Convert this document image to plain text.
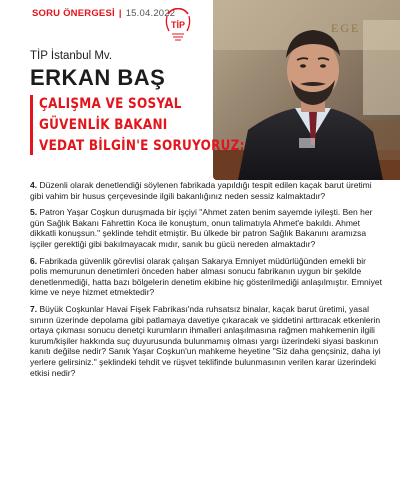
SORU ÖNERGESİ | 15.04.2022
TİP	EGE
TİP İstanbul Mv.
ERKAN BAŞ
ÇALIŞMA VE SOSYAL
GÜVENLİK BAKANI
VEDAT BİLGİN'E SORUYORUZ:

4. Düzenli olarak denetlendiği söylenen fabrikada yapıldığı tespit edilen kaçak barut üretimi gibi vahim bir husus çerçevesinde ilgili bakanlığınız neden sessiz kalmaktadır?

5. Patron Yaşar Coşkun duruşmada bir işçiyi "Ahmet zaten benim sayemde iyileşti. Ben her gün Sağlık Bakanı Fahrettin Koca ile konuştum, onun talimatıyla Ahmet'e bakıldı. Ahmet dikkatli konuşsun." şeklinde tehdit etmiştir. Bu ülkede bir patron Sağlık Bakanını aramızsa işçiler gerektiği gibi bakılmayacak mıdır, sanık bu gücü nereden almaktadır?

6. Fabrikada güvenlik görevlisi olarak çalışan Sakarya Emniyet müdürlüğünden emekli bir polis memurunun denetimleri önceden haber alması sonucu fabrikanın uygun bir şekilde denetlenmediği, hatta bazı bölgelerin denetim ekibine hiç gösterilmediği anlaşılmıştır. Emniyet kime ve neye hizmet etmektedir?

7. Büyük Coşkunlar Havai Fişek Fabrikası'nda ruhsatsız binalar, kaçak barut üretimi, yasal sınırın üzerinde depolama gibi patlamaya davetiye çıkaracak ve şiddetini arttıracak etkenlerin ortaya çıkması sonucu denetçi kurumların ihmalleri anlaşılmasına rağmen mahkemenin ilgili kurum/kişiler hakkında suç duyurusunda bulunmamış olması yargı üzerindeki siyasi baskının kanıtı değilse nedir? Sanık Yaşar Coşkun'un mahkeme heyetine "Siz daha gençsiniz, daha iyi yerlere gelirsiniz." şeklindeki tehdit ve rüşvet teklifinde bulunmasının verilen karar üzerindeki etkisi nedir?
